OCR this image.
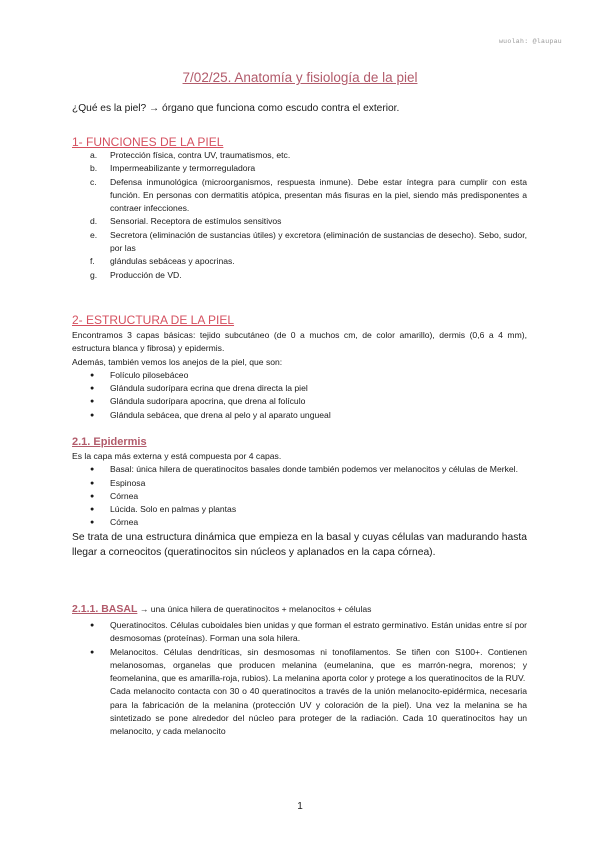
wuolah: @laupau
7/02/25. Anatomía y fisiología de la piel
¿Qué es la piel? → órgano que funciona como escudo contra el exterior.
1- FUNCIONES DE LA PIEL
a. Protección física, contra UV, traumatismos, etc.
b. Impermeabilizante y termorreguladora
c. Defensa inmunológica (microorganismos, respuesta inmune). Debe estar íntegra para cumplir con esta función. En personas con dermatitis atópica, presentan más fisuras en la piel, siendo más predisponentes a contraer infecciones.
d. Sensorial. Receptora de estímulos sensitivos
e. Secretora (eliminación de sustancias útiles) y excretora (eliminación de sustancias de desecho). Sebo, sudor, por las
f. glándulas sebáceas y apocrinas.
g. Producción de VD.
2- ESTRUCTURA DE LA PIEL
Encontramos 3 capas básicas: tejido subcutáneo (de 0 a muchos cm, de color amarillo), dermis (0,6 a 4 mm), estructura blanca y fibrosa) y epidermis.
Además, también vemos los anejos de la piel, que son:
● Folículo pilosebáceo
● Glándula sudorípara ecrina que drena directa la piel
● Glándula sudorípara apocrina, que drena al folículo
● Glándula sebácea, que drena al pelo y al aparato ungueal
2.1. Epidermis
Es la capa más externa y está compuesta por 4 capas.
● Basal: única hilera de queratinocitos basales donde también podemos ver melanocitos y células de Merkel.
● Espinosa
● Córnea
● Lúcida. Solo en palmas y plantas
● Córnea
Se trata de una estructura dinámica que empieza en la basal y cuyas células van madurando hasta llegar a corneocitos (queratinocitos sin núcleos y aplanados en la capa córnea).
2.1.1. BASAL → una única hilera de queratinocitos + melanocitos + células
● Queratinocitos. Células cuboidales bien unidas y que forman el estrato germinativo. Están unidas entre sí por desmosomas (proteínas). Forman una sola hilera.
● Melanocitos. Células dendríticas, sin desmosomas ni tonofilamentos. Se tiñen con S100+. Contienen melanosomas, organelas que producen melanina (eumelanina, que es marrón-negra, morenos; y feomelanina, que es amarilla-roja, rubios). La melanina aporta color y protege a los queratinocitos de la RUV.
Cada melanocito contacta con 30 o 40 queratinocitos a través de la unión melanocito-epidérmica, necesaria para la fabricación de la melanina (protección UV y coloración de la piel). Una vez la melanina se ha sintetizado se pone alrededor del núcleo para proteger de la radiación. Cada 10 queratinocitos hay un melanocito, y cada melanocito
1
